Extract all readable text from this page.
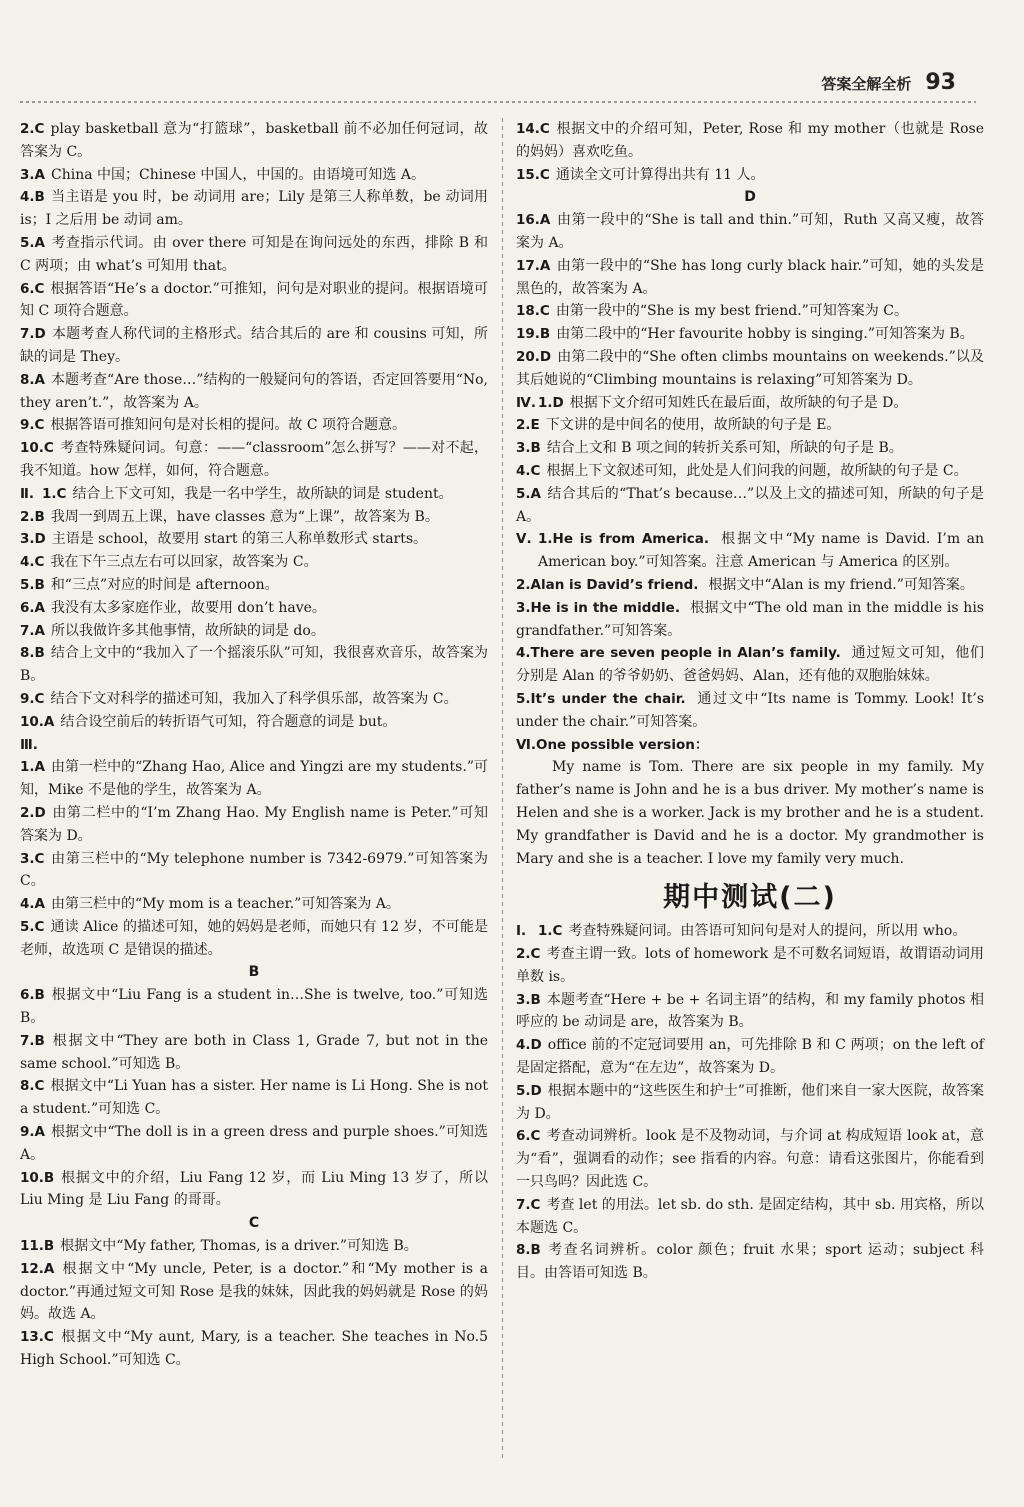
答案全解全析 93

2.C play basketball 意为“打篮球”，basketball 前不必加任何冠词，故答案为 C。

3.A China 中国；Chinese 中国人，中国的。由语境可知选 A。

4.B 当主语是 you 时，be 动词用 are；Lily 是第三人称单数，be 动词用 is；I 之后用 be 动词 am。

5.A 考查指示代词。由 over there 可知是在询问远处的东西，排除 B 和 C 两项；由 what’s 可知用 that。

6.C 根据答语“He’s a doctor.”可推知，问句是对职业的提问。根据语境可知 C 项符合题意。

7.D 本题考查人称代词的主格形式。结合其后的 are 和 cousins 可知，所缺的词是 They。

8.A 本题考查“Are those…”结构的一般疑问句的答语，否定回答要用“No, they aren’t.”，故答案为 A。

9.C 根据答语可推知问句是对长相的提问。故 C 项符合题意。

10.C 考查特殊疑问词。句意：——“classroom”怎么拼写？——对不起，我不知道。how 怎样，如何，符合题意。

Ⅱ. 1.C 结合上下文可知，我是一名中学生，故所缺的词是 student。

2.B 我周一到周五上课，have classes 意为“上课”，故答案为 B。

3.D 主语是 school，故要用 start 的第三人称单数形式 starts。

4.C 我在下午三点左右可以回家，故答案为 C。

5.B 和“三点”对应的时间是 afternoon。

6.A 我没有太多家庭作业，故要用 don’t have。

7.A 所以我做许多其他事情，故所缺的词是 do。

8.B 结合上文中的“我加入了一个摇滚乐队”可知，我很喜欢音乐，故答案为 B。

9.C 结合下文对科学的描述可知，我加入了科学俱乐部，故答案为 C。

10.A 结合设空前后的转折语气可知，符合题意的词是 but。

Ⅲ.

1.A 由第一栏中的“Zhang Hao, Alice and Yingzi are my students.”可知，Mike 不是他的学生，故答案为 A。

2.D 由第二栏中的“I’m Zhang Hao. My English name is Peter.”可知答案为 D。

3.C 由第三栏中的“My telephone number is 7342-6979.”可知答案为 C。

4.A 由第三栏中的“My mom is a teacher.”可知答案为 A。

5.C 通读 Alice 的描述可知，她的妈妈是老师，而她只有 12 岁，不可能是老师，故选项 C 是错误的描述。

B

6.B 根据文中“Liu Fang is a student in…She is twelve, too.”可知选 B。

7.B 根据文中“They are both in Class 1, Grade 7, but not in the same school.”可知选 B。

8.C 根据文中“Li Yuan has a sister. Her name is Li Hong. She is not a student.”可知选 C。

9.A 根据文中“The doll is in a green dress and purple shoes.”可知选 A。

10.B 根据文中的介绍，Liu Fang 12 岁，而 Liu Ming 13 岁了，所以 Liu Ming 是 Liu Fang 的哥哥。

C

11.B 根据文中“My father, Thomas, is a driver.”可知选 B。

12.A 根据文中“My uncle, Peter, is a doctor.”和“My mother is a doctor.”再通过短文可知 Rose 是我的妹妹，因此我的妈妈就是 Rose 的妈妈。故选 A。

13.C 根据文中“My aunt, Mary, is a teacher. She teaches in No.5 High School.”可知选 C。

14.C 根据文中的介绍可知，Peter, Rose 和 my mother（也就是 Rose 的妈妈）喜欢吃鱼。

15.C 通读全文可计算得出共有 11 人。

D

16.A 由第一段中的“She is tall and thin.”可知，Ruth 又高又瘦，故答案为 A。

17.A 由第一段中的“She has long curly black hair.”可知，她的头发是黑色的，故答案为 A。

18.C 由第一段中的“She is my best friend.”可知答案为 C。

19.B 由第二段中的“Her favourite hobby is singing.”可知答案为 B。

20.D 由第二段中的“She often climbs mountains on weekends.”以及其后她说的“Climbing mountains is relaxing”可知答案为 D。

Ⅳ. 1.D 根据下文介绍可知姓氏在最后面，故所缺的句子是 D。

2.E 下文讲的是中间名的使用，故所缺的句子是 E。

3.B 结合上文和 B 项之间的转折关系可知，所缺的句子是 B。

4.C 根据上下文叙述可知，此处是人们问我的问题，故所缺的句子是 C。

5.A 结合其后的“That’s because…”以及上文的描述可知，所缺的句子是 A。

Ⅴ. 1.He is from America. 根据文中“My name is David. I’m an American boy.”可知答案。注意 American 与 America 的区别。

2.Alan is David’s friend. 根据文中“Alan is my friend.”可知答案。

3.He is in the middle. 根据文中“The old man in the middle is his grandfather.”可知答案。

4.There are seven people in Alan’s family. 通过短文可知，他们分别是 Alan 的爷爷奶奶、爸爸妈妈、Alan，还有他的双胞胎妹妹。

5.It’s under the chair. 通过文中“Its name is Tommy. Look! It’s under the chair.”可知答案。

Ⅵ.One possible version：

My name is Tom. There are six people in my family. My father’s name is John and he is a bus driver. My mother’s name is Helen and she is a worker. Jack is my brother and he is a student. My grandfather is David and he is a doctor. My grandmother is Mary and she is a teacher. I love my family very much.

期中测试(二)

Ⅰ. 1.C 考查特殊疑问词。由答语可知问句是对人的提问，所以用 who。

2.C 考查主谓一致。lots of homework 是不可数名词短语，故谓语动词用单数 is。

3.B 本题考查“Here + be + 名词主语”的结构，和 my family photos 相呼应的 be 动词是 are，故答案为 B。

4.D office 前的不定冠词要用 an，可先排除 B 和 C 两项；on the left of 是固定搭配，意为“在左边”，故答案为 D。

5.D 根据本题中的“这些医生和护士”可推断，他们来自一家大医院，故答案为 D。

6.C 考查动词辨析。look 是不及物动词，与介词 at 构成短语 look at，意为“看”，强调看的动作；see 指看的内容。句意：请看这张图片，你能看到一只鸟吗？因此选 C。

7.C 考查 let 的用法。let sb. do sth. 是固定结构，其中 sb. 用宾格，所以本题选 C。

8.B 考查名词辨析。color 颜色；fruit 水果；sport 运动；subject 科目。由答语可知选 B。
